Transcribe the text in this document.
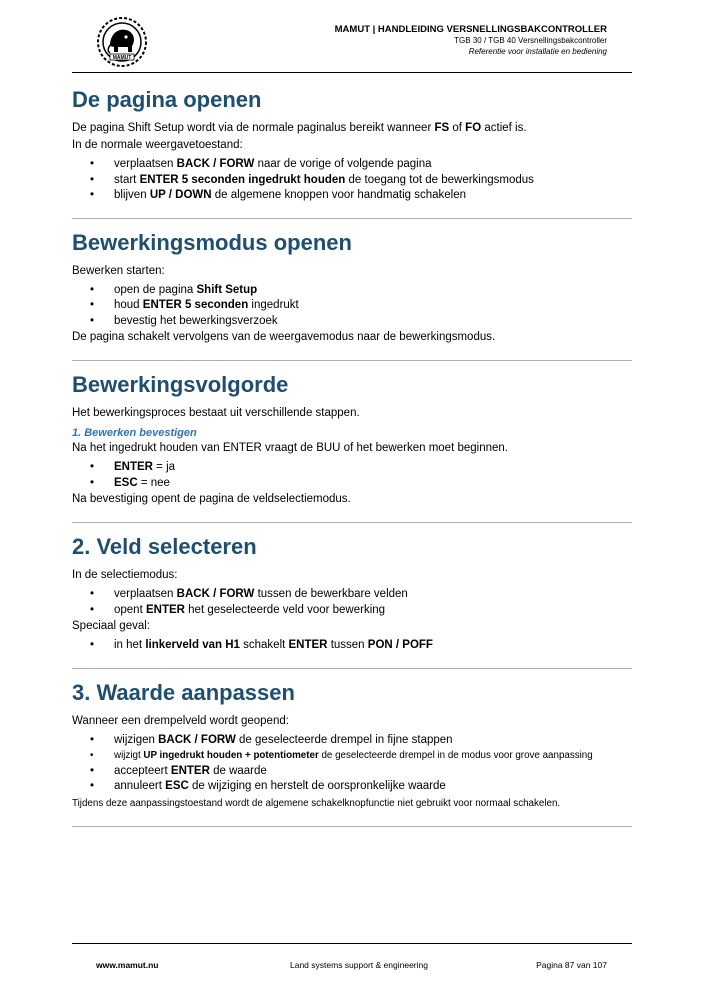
MAMUT
MAMUT | HANDLEIDING VERSNELLINGSBAKCONTROLLER
TGB 30 / TGB 40 Versnellingsbakcontroller
Referentie voor installatie en bediening
De pagina openen

De pagina Shift Setup wordt via de normale paginalus bereikt wanneer FS of FO actief is.

In de normale weergavetoestand:

• verplaatsen BACK / FORW naar de vorige of volgende pagina
• start ENTER 5 seconden ingedrukt houden de toegang tot de bewerkingsmodus
• blijven UP / DOWN de algemene knoppen voor handmatig schakelen
Bewerkingsmodus openen

Bewerken starten:

• open de pagina Shift Setup
• houd ENTER 5 seconden ingedrukt
• bevestig het bewerkingsverzoek

De pagina schakelt vervolgens van de weergavemodus naar de bewerkingsmodus.

Bewerkingsvolgorde

Het bewerkingsproces bestaat uit verschillende stappen.

1. Bewerken bevestigen

Na het ingedrukt houden van ENTER vraagt de BUU of het bewerken moet beginnen.

• ENTER = ja
• ESC = nee

Na bevestiging opent de pagina de veldselectiemodus.

2. Veld selecteren

In de selectiemodus:

• verplaatsen BACK / FORW tussen de bewerkbare velden
• opent ENTER het geselecteerde veld voor bewerking

Speciaal geval:

• in het linkerveld van H1 schakelt ENTER tussen PON / POFF
3. Waarde aanpassen

Wanneer een drempelveld wordt geopend:

• wijzigen BACK / FORW de geselecteerde drempel in fijne stappen
• wijzigt UP ingedrukt houden + potentiometer de geselecteerde drempel in de modus voor grove aanpassing
• accepteert ENTER de waarde
• annuleert ESC de wijziging en herstelt de oorspronkelijke waarde

Tijdens deze aanpassingstoestand wordt de algemene schakelknopfunctie niet gebruikt voor normaal schakelen.

www.mamut.nu	Land systems support & engineering	Pagina 87 van 107
